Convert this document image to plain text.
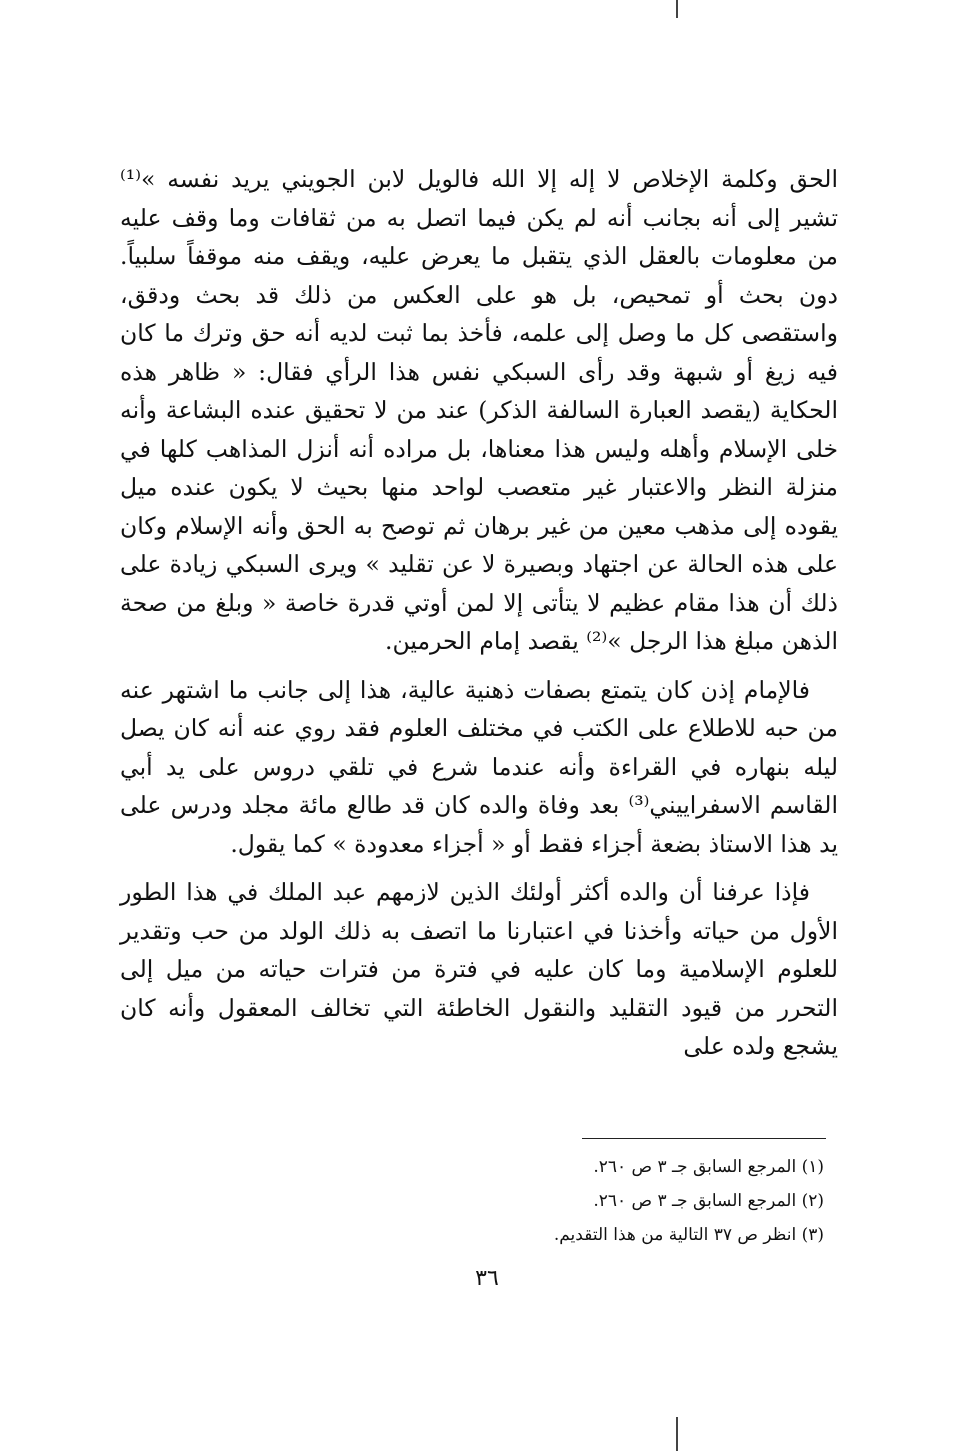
الحق وكلمة الإخلاص لا إله إلا الله فالويل لابن الجويني يريد نفسه »⁽¹⁾ تشير إلى أنه بجانب أنه لم يكن فيما اتصل به من ثقافات وما وقف عليه من معلومات بالعقل الذي يتقبل ما يعرض عليه، ويقف منه موقفاً سلبياً. دون بحث أو تمحيص، بل هو على العكس من ذلك قد بحث ودقق، واستقصى كل ما وصل إلى علمه، فأخذ بما ثبت لديه أنه حق وترك ما كان فيه زيغ أو شبهة وقد رأى السبكي نفس هذا الرأي فقال: « ظاهر هذه الحكاية (يقصد العبارة السالفة الذكر) عند من لا تحقيق عنده البشاعة وأنه خلى الإسلام وأهله وليس هذا معناها، بل مراده أنه أنزل المذاهب كلها في منزلة النظر والاعتبار غير متعصب لواحد منها بحيث لا يكون عنده ميل يقوده إلى مذهب معين من غير برهان ثم توصح به الحق وأنه الإسلام وكان على هذه الحالة عن اجتهاد وبصيرة لا عن تقليد » ويرى السبكي زيادة على ذلك أن هذا مقام عظيم لا يتأتى إلا لمن أوتي قدرة خاصة « وبلغ من صحة الذهن مبلغ هذا الرجل »⁽²⁾ يقصد إمام الحرمين.

فالإمام إذن كان يتمتع بصفات ذهنية عالية، هذا إلى جانب ما اشتهر عنه من حبه للاطلاع على الكتب في مختلف العلوم فقد روي عنه أنه كان يصل ليله بنهاره في القراءة وأنه عندما شرع في تلقي دروس على يد أبي القاسم الاسفراييني⁽³⁾ بعد وفاة والده كان قد طالع مائة مجلد ودرس على يد هذا الاستاذ بضعة أجزاء فقط أو « أجزاء معدودة » كما يقول.

فإذا عرفنا أن والده أكثر أولئك الذين لازمهم عبد الملك في هذا الطور الأول من حياته وأخذنا في اعتبارنا ما اتصف به ذلك الولد من حب وتقدير للعلوم الإسلامية وما كان عليه في فترة من فترات حياته من ميل إلى التحرر من قيود التقليد والنقول الخاطئة التي تخالف المعقول وأنه كان يشجع ولده على

(١) المرجع السابق جـ ٣ ص ٢٦٠.

(٢) المرجع السابق جـ ٣ ص ٢٦٠.

(٣) انظر ص ٣٧ التالية من هذا التقديم.

٣٦
